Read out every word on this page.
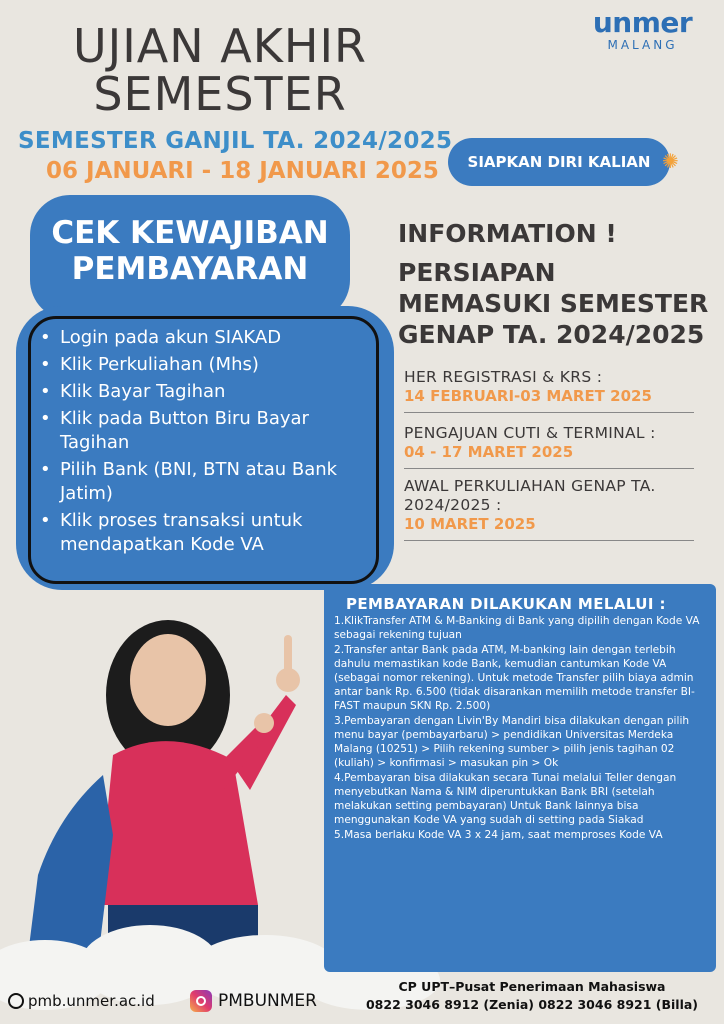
UJIAN AKHIR
SEMESTER
SEMESTER GANJIL TA. 2024/2025
06 JANUARI - 18 JANUARI 2025
unmer
MALANG
SIAPKAN DIRI KALIAN ✺
CEK KEWAJIBAN
PEMBAYARAN
• Login pada akun SIAKAD
• Klik Perkuliahan (Mhs)
• Klik Bayar Tagihan
• Klik pada Button Biru Bayar Tagihan
• Pilih Bank (BNI, BTN atau Bank Jatim)
• Klik proses transaksi untuk mendapatkan Kode VA
INFORMATION !
PERSIAPAN MEMASUKI SEMESTER GENAP TA. 2024/2025
HER REGISTRASI & KRS :
14 FEBRUARI-03 MARET 2025
PENGAJUAN CUTI & TERMINAL :
04 - 17 MARET 2025
AWAL PERKULIAHAN GENAP TA. 2024/2025 :
10 MARET 2025
PEMBAYARAN DILAKUKAN MELALUI :
1.KlikTransfer ATM & M-Banking di Bank yang dipilih dengan Kode VA sebagai rekening tujuan
2.Transfer antar Bank pada ATM, M-banking lain dengan terlebih dahulu memastikan kode Bank, kemudian cantumkan Kode VA (sebagai nomor rekening). Untuk metode Transfer pilih biaya admin antar bank Rp. 6.500 (tidak disarankan memilih metode transfer BI-FAST maupun SKN Rp. 2.500)
3.Pembayaran dengan Livin'By Mandiri bisa dilakukan dengan pilih menu bayar (pembayarbaru) > pendidikan Universitas Merdeka Malang (10251) > Pilih rekening sumber > pilih jenis tagihan 02 (kuliah) > konfirmasi > masukan pin > Ok
4.Pembayaran bisa dilakukan secara Tunai melalui Teller dengan menyebutkan Nama & NIM diperuntukkan Bank BRI (setelah melakukan setting pembayaran) Untuk Bank lainnya bisa menggunakan Kode VA yang sudah di setting pada Siakad
5.Masa berlaku Kode VA 3 x 24 jam, saat memproses Kode VA
pmb.unmer.ac.id	PMBUNMER
CP UPT–Pusat Penerimaan Mahasiswa
0822 3046 8912 (Zenia) 0822 3046 8921 (Billa)
